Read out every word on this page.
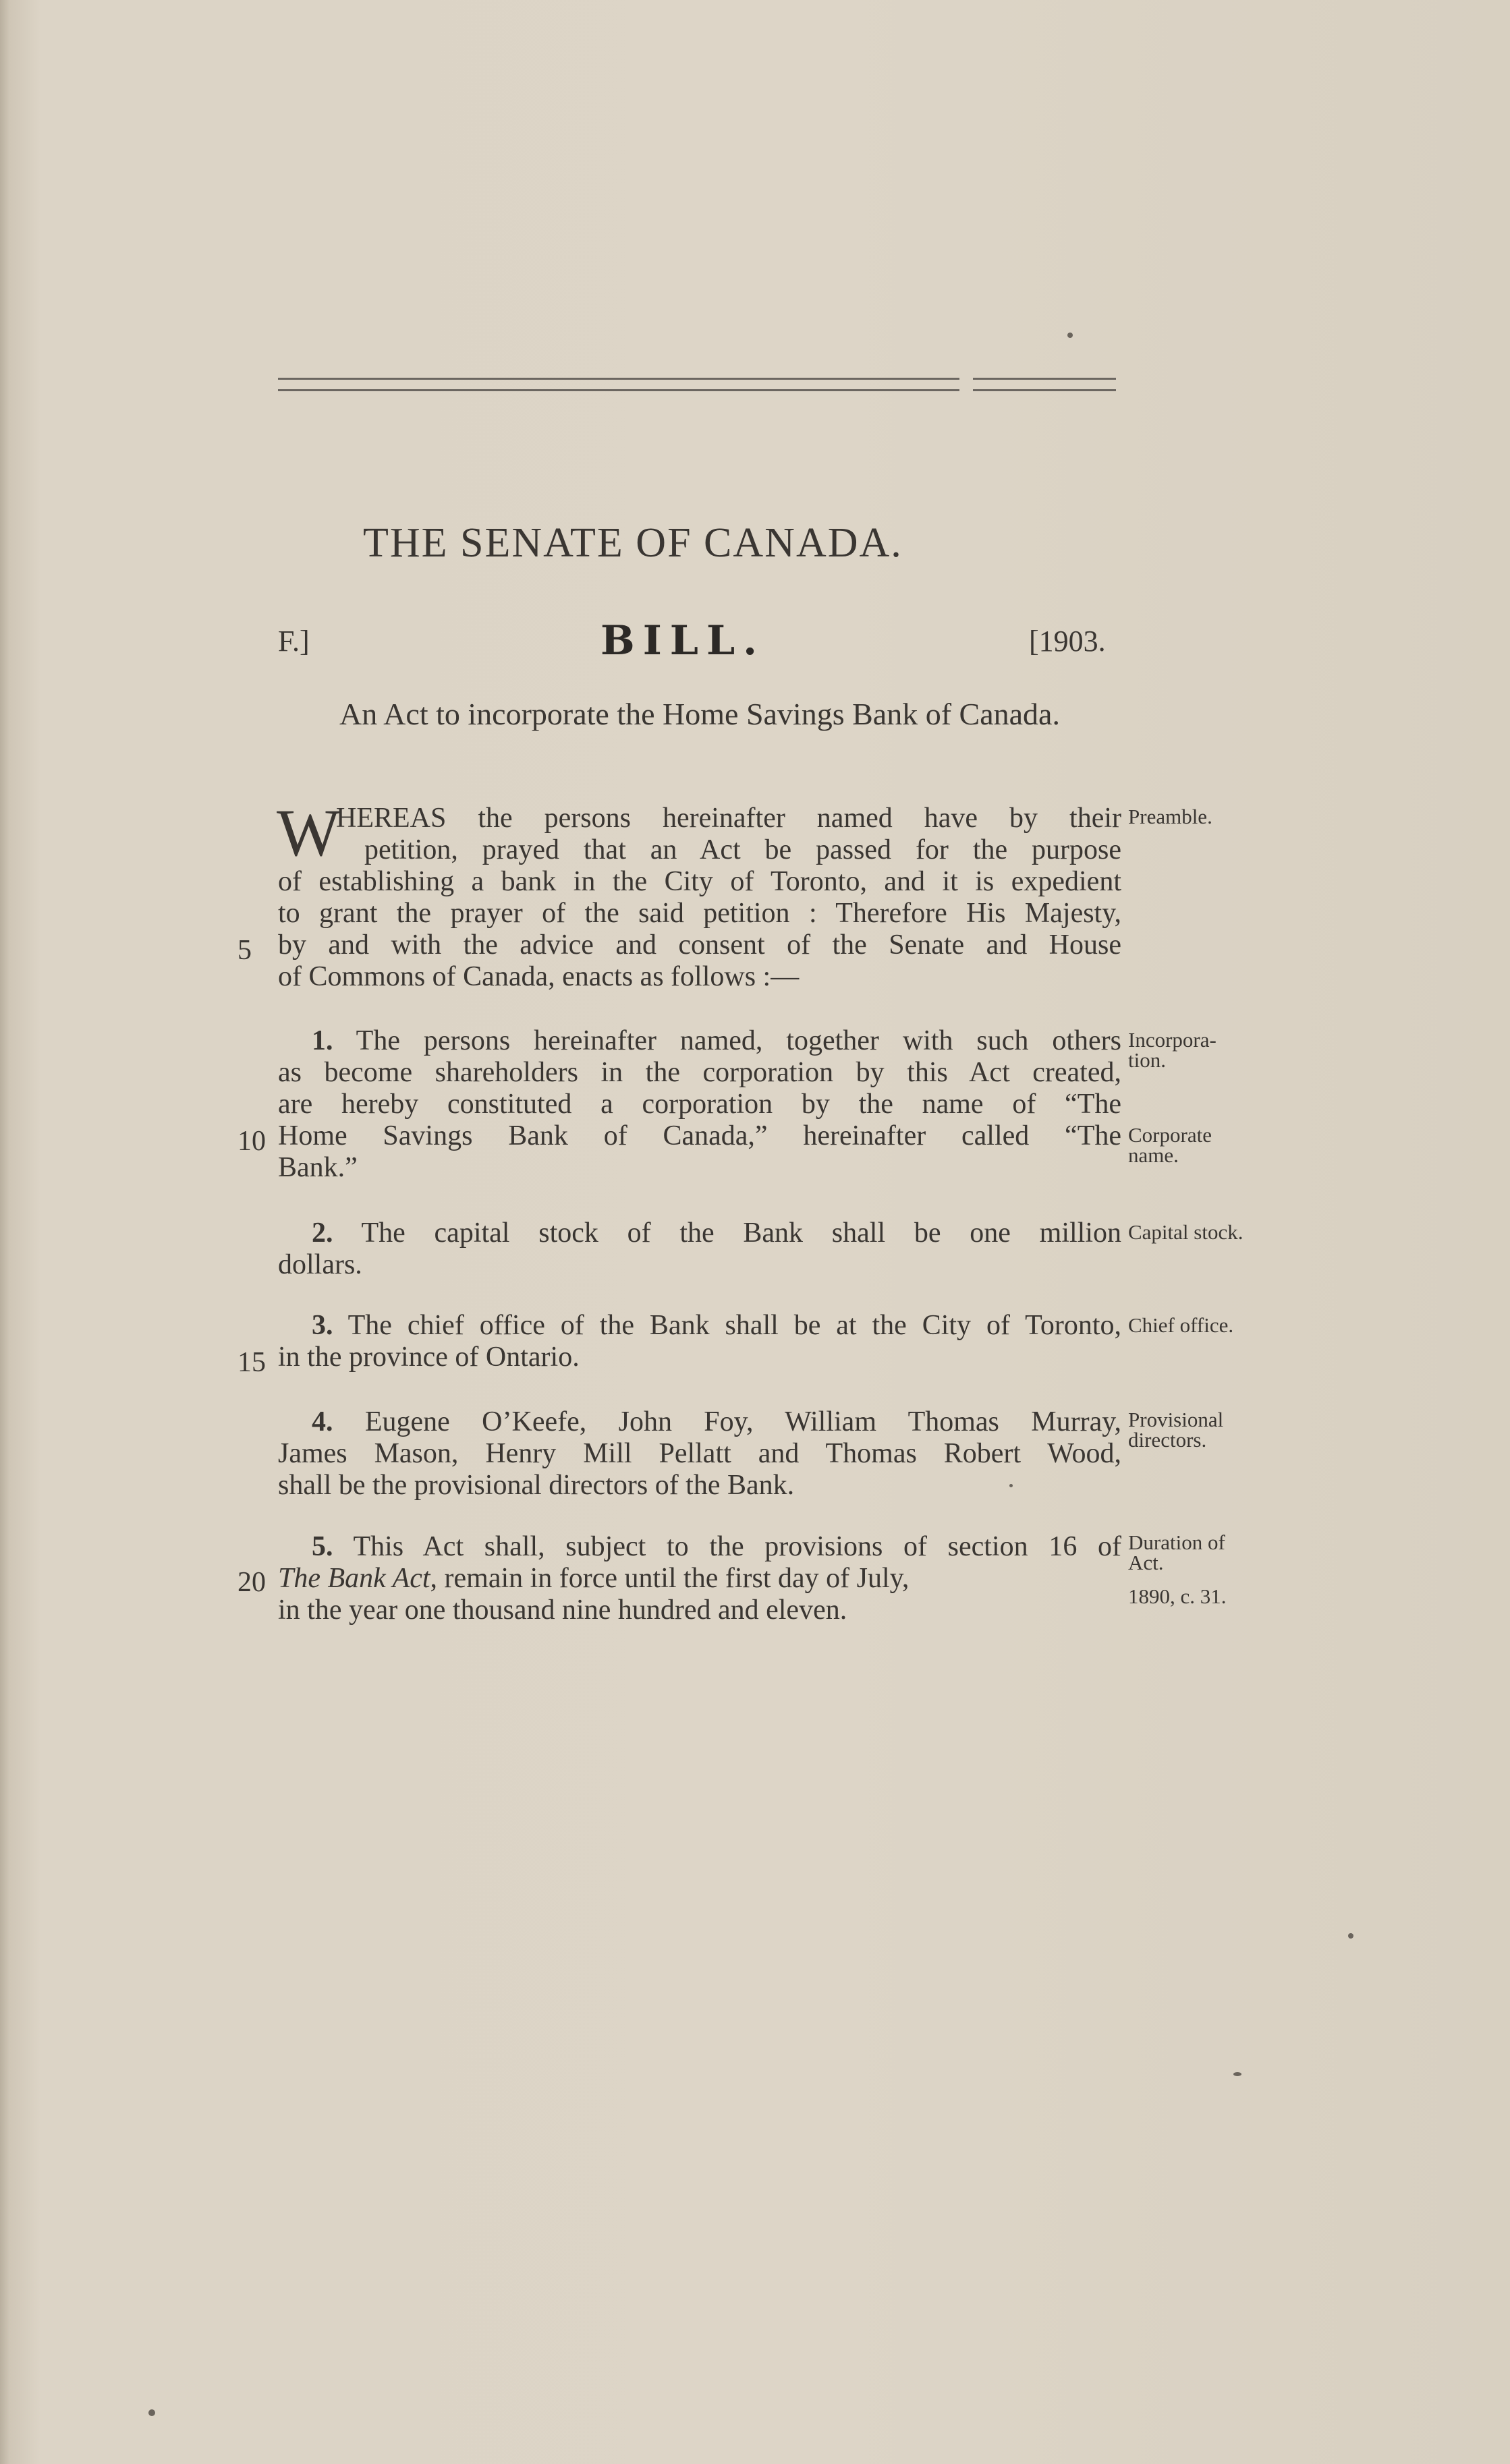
THE SENATE OF CANADA.
F.]	BILL.	[1903.
An Act to incorporate the Home Savings Bank of Canada.
W
HEREAS the persons hereinafter named have by their
petition, prayed that an Act be passed for the purpose
of establishing a bank in the City of Toronto, and it is expedient
to grant the prayer of the said petition : Therefore His Majesty,
by and with the advice and consent of the Senate and House
of Commons of Canada, enacts as follows :—
Preamble.
5
1. The persons hereinafter named, together with such others
as become shareholders in the corporation by this Act created,
are hereby constituted a corporation by the name of “The
Home Savings Bank of Canada,” hereinafter called “The
Bank.”
Incorpora-
tion.
Corporate
name.
10
2. The capital stock of the Bank shall be one million
dollars.
Capital stock.
3. The chief office of the Bank shall be at the City of Toronto,
in the province of Ontario.
Chief office.
15
4. Eugene O’Keefe, John Foy, William Thomas Murray,
James Mason, Henry Mill Pellatt and Thomas Robert Wood,
shall be the provisional directors of the Bank.
Provisional
directors.
5. This Act shall, subject to the provisions of section 16 of
The Bank Act, remain in force until the first day of July,
in the year one thousand nine hundred and eleven.
Duration of
Act.
1890, c. 31.
20
